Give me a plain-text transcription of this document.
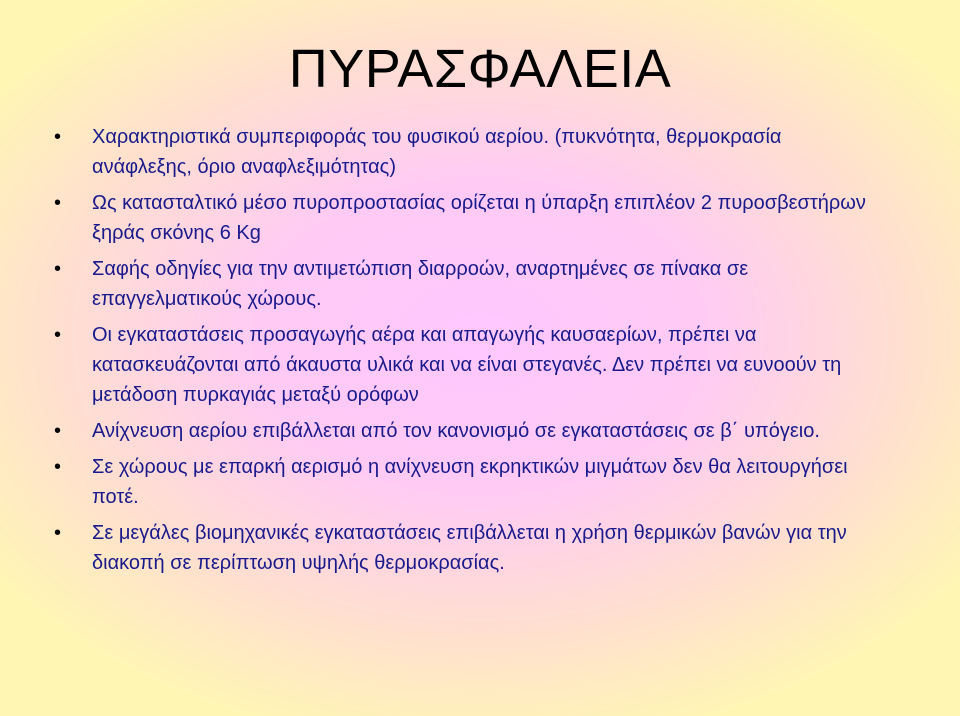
ΠΥΡΑΣΦΑΛΕΙΑ
•	Χαρακτηριστικά συμπεριφοράς του φυσικού αερίου. (πυκνότητα, θερμοκρασία ανάφλεξης, όριο αναφλεξιμότητας)
•	Ως κατασταλτικό μέσο πυροπροστασίας ορίζεται η ύπαρξη επιπλέον 2 πυροσβεστήρων ξηράς σκόνης 6 Kg
•	Σαφής οδηγίες για την αντιμετώπιση διαρροών, αναρτημένες σε πίνακα σε επαγγελματικούς χώρους.
•	Οι εγκαταστάσεις προσαγωγής αέρα και απαγωγής καυσαερίων, πρέπει να κατασκευάζονται από άκαυστα υλικά και να είναι στεγανές. Δεν πρέπει να ευνοούν τη μετάδοση πυρκαγιάς μεταξύ ορόφων
•	Ανίχνευση αερίου επιβάλλεται από τον κανονισμό σε εγκαταστάσεις σε β΄ υπόγειο.
•	Σε χώρους με επαρκή αερισμό η ανίχνευση εκρηκτικών μιγμάτων δεν θα λειτουργήσει ποτέ.
•	Σε μεγάλες βιομηχανικές εγκαταστάσεις επιβάλλεται η χρήση θερμικών βανών για την διακοπή σε περίπτωση υψηλής θερμοκρασίας.
